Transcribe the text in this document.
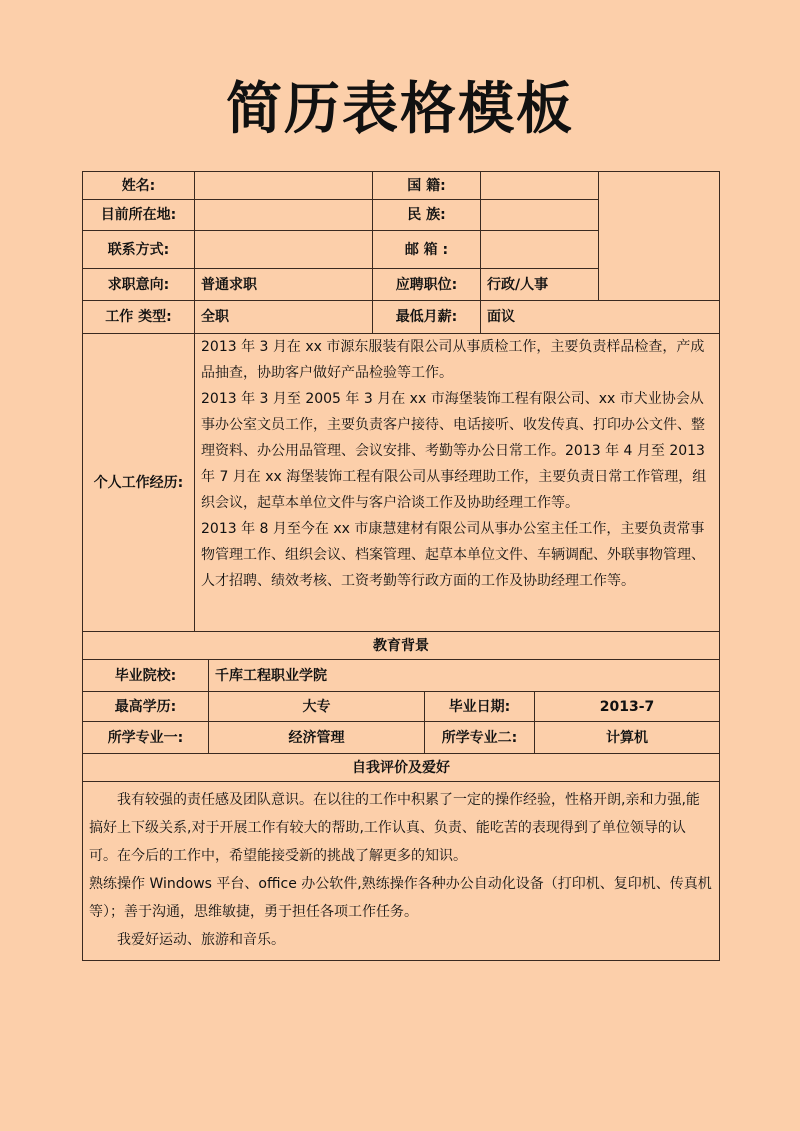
简历表格模板
姓名:		国 籍:		
目前所在地:		民 族:		
联系方式:		邮 箱 :		
求职意向:	普通求职	应聘职位:	行政/人事	
工作 类型:	全职	最低月薪:	面议	
个人工作经历:	2013 年 3 月在 xx 市源东服装有限公司从事质检工作，主要负责样品检查，产成品抽查，协助客户做好产品检验等工作。

2013 年 3 月至 2005 年 3 月在 xx 市海堡装饰工程有限公司、xx 市犬业协会从事办公室文员工作，主要负责客户接待、电话接听、收发传真、打印办公文件、整理资料、办公用品管理、会议安排、考勤等办公日常工作。2013 年 4 月至 2013

年 7 月在 xx 海堡装饰工程有限公司从事经理助工作，主要负责日常工作管理，组织会议，起草本单位文件与客户洽谈工作及协助经理工作等。

2013 年 8 月至今在 xx 市康慧建材有限公司从事办公室主任工作，主要负责常事物管理工作、组织会议、档案管理、起草本单位文件、车辆调配、外联事物管理、人才招聘、绩效考核、工资考勤等行政方面的工作及协助经理工作等。			

教育背景			
毕业院校:	千库工程职业学院		
最高学历:	大专	毕业日期:	2013-7
所学专业一:	经济管理	所学专业二:	计算机
自我评价及爱好			

我有较强的责任感及团队意识。在以往的工作中积累了一定的操作经验，性格开朗,亲和力强,能搞好上下级关系,对于开展工作有较大的帮助,工作认真、负责、能吃苦的表现得到了单位领导的认可。在今后的工作中，希望能接受新的挑战了解更多的知识。

熟练操作 Windows 平台、office 办公软件,熟练操作各种办公自动化设备（打印机、复印机、传真机等）；善于沟通，思维敏捷，勇于担任各项工作任务。

我爱好运动、旅游和音乐。			
